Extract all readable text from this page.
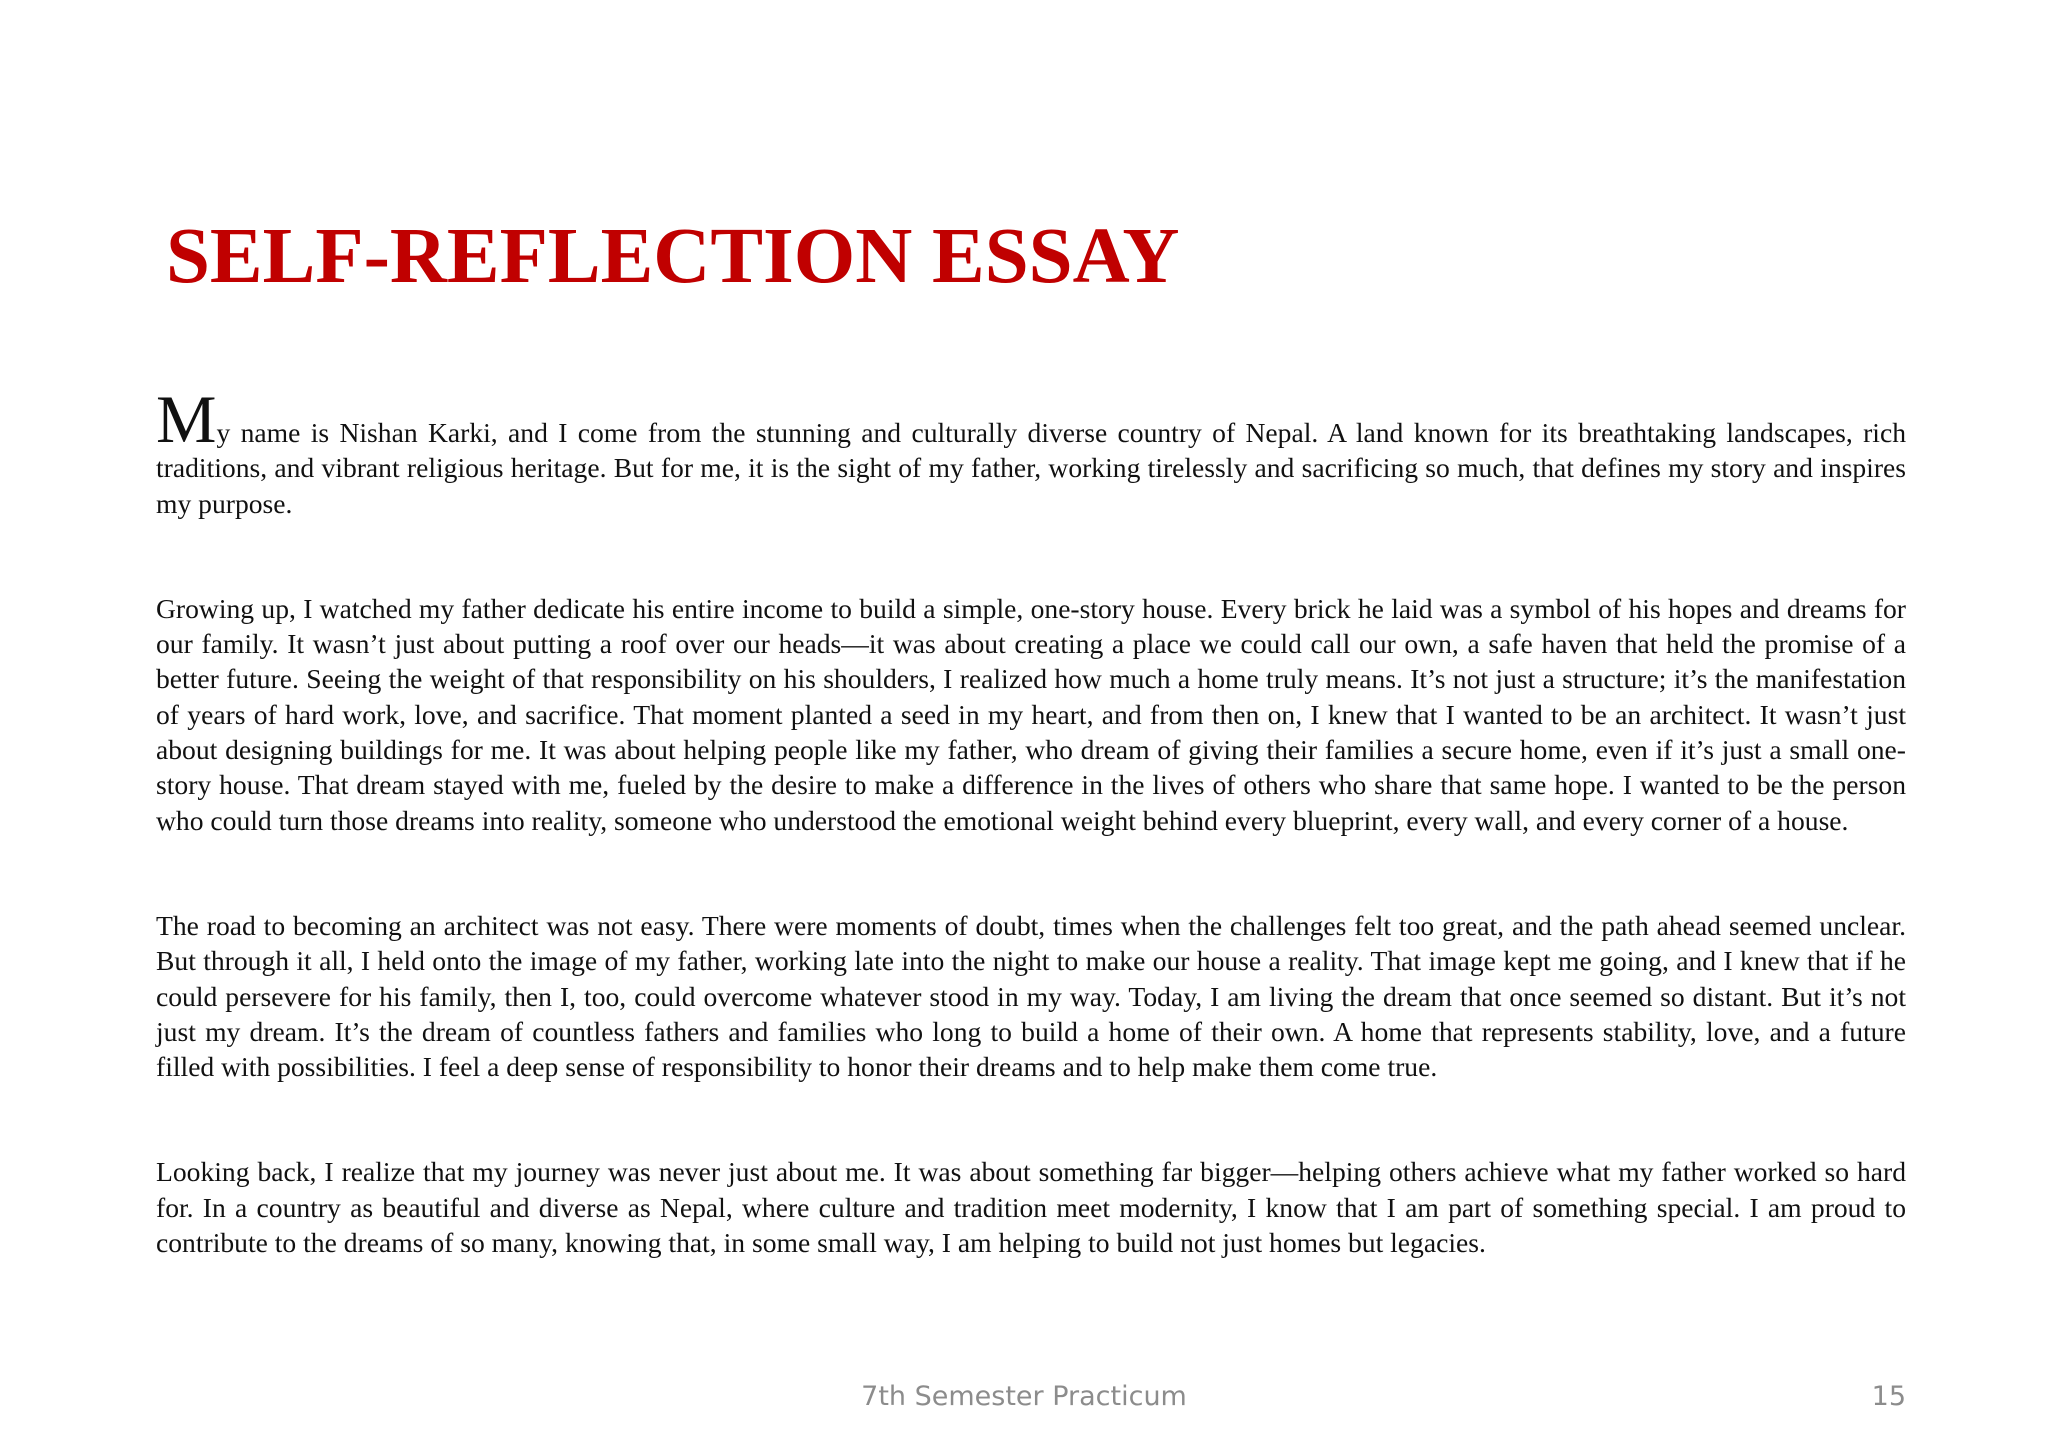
SELF-REFLECTION ESSAY

My name is Nishan Karki, and I come from the stunning and culturally diverse country of Nepal. A land known for its breathtaking landscapes, rich traditions, and vibrant religious heritage. But for me, it is the sight of my father, working tirelessly and sacrificing so much, that defines my story and inspires my purpose.

Growing up, I watched my father dedicate his entire income to build a simple, one-story house. Every brick he laid was a symbol of his hopes and dreams for our family. It wasn’t just about putting a roof over our heads—it was about creating a place we could call our own, a safe haven that held the promise of a better future. Seeing the weight of that responsibility on his shoulders, I realized how much a home truly means. It’s not just a structure; it’s the manifestation of years of hard work, love, and sacrifice. That moment planted a seed in my heart, and from then on, I knew that I wanted to be an architect. It wasn’t just about designing buildings for me. It was about helping people like my father, who dream of giving their families a secure home, even if it’s just a small one-story house. That dream stayed with me, fueled by the desire to make a difference in the lives of others who share that same hope. I wanted to be the person who could turn those dreams into reality, someone who understood the emotional weight behind every blueprint, every wall, and every corner of a house.

The road to becoming an architect was not easy. There were moments of doubt, times when the challenges felt too great, and the path ahead seemed unclear. But through it all, I held onto the image of my father, working late into the night to make our house a reality. That image kept me going, and I knew that if he could persevere for his family, then I, too, could overcome whatever stood in my way. Today, I am living the dream that once seemed so distant. But it’s not just my dream. It’s the dream of countless fathers and families who long to build a home of their own. A home that represents stability, love, and a future filled with possibilities. I feel a deep sense of responsibility to honor their dreams and to help make them come true.

Looking back, I realize that my journey was never just about me. It was about something far bigger—helping others achieve what my father worked so hard for. In a country as beautiful and diverse as Nepal, where culture and tradition meet modernity, I know that I am part of something special. I am proud to contribute to the dreams of so many, knowing that, in some small way, I am helping to build not just homes but legacies.

7th Semester Practicum	15
